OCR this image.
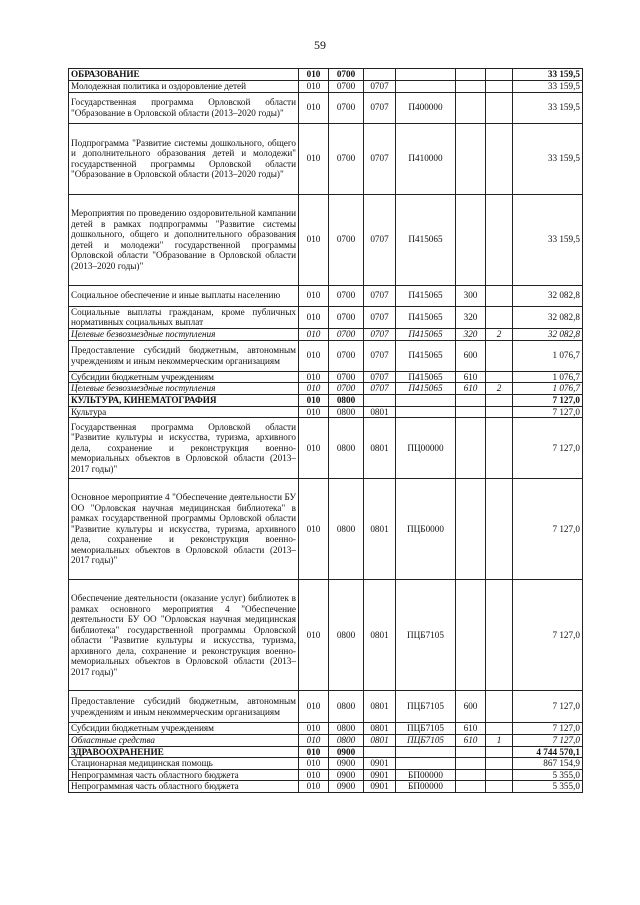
59
ОБРАЗОВАНИЕ	010	0700					33 159,5
Молодежная политика и оздоровление детей	010	0700	0707				33 159,5
Государственная программа Орловской области "Образование в Орловской области (2013–2020 годы)"	010	0700	0707	П400000			33 159,5
Подпрограмма "Развитие системы дошкольного, общего и дополнительного образования детей и молодежи" государственной программы Орловской области "Образование в Орловской области (2013–2020 годы)"	010	0700	0707	П410000			33 159,5
Мероприятия по проведению оздоровительной кампании детей в рамках подпрограммы "Развитие системы дошкольного, общего и дополнительного образования детей и молодежи" государственной программы Орловской области "Образование в Орловской области (2013–2020 годы)"	010	0700	0707	П415065			33 159,5
Социальное обеспечение и иные выплаты населению	010	0700	0707	П415065	300		32 082,8
Социальные выплаты гражданам, кроме публичных нормативных социальных выплат	010	0700	0707	П415065	320		32 082,8
Целевые безвозмездные поступления	010	0700	0707	П415065	320	2	32 082,8
Предоставление субсидий бюджетным, автономным учреждениям и иным некоммерческим организациям	010	0700	0707	П415065	600		1 076,7
Субсидии бюджетным учреждениям	010	0700	0707	П415065	610		1 076,7
Целевые безвозмездные поступления	010	0700	0707	П415065	610	2	1 076,7
КУЛЬТУРА, КИНЕМАТОГРАФИЯ	010	0800					7 127,0
Культура	010	0800	0801				7 127,0
Государственная программа Орловской области "Развитие культуры и искусства, туризма, архивного дела, сохранение и реконструкция военно-мемориальных объектов в Орловской области (2013–2017 годы)"	010	0800	0801	ПЦ00000			7 127,0
Основное мероприятие 4 "Обеспечение деятельности БУ ОО "Орловская научная медицинская библиотека" в рамках государственной программы Орловской области "Развитие культуры и искусства, туризма, архивного дела, сохранение и реконструкция военно-мемориальных объектов в Орловской области (2013–2017 годы)"	010	0800	0801	ПЦБ0000			7 127,0
Обеспечение деятельности (оказание услуг) библиотек в рамках основного мероприятия 4 "Обеспечение деятельности БУ ОО "Орловская научная медицинская библиотека" государственной программы Орловской области "Развитие культуры и искусства, туризма, архивного дела, сохранение и реконструкция военно-мемориальных объектов в Орловской области (2013–2017 годы)"	010	0800	0801	ПЦБ7105			7 127,0
Предоставление субсидий бюджетным, автономным учреждениям и иным некоммерческим организациям	010	0800	0801	ПЦБ7105	600		7 127,0
Субсидии бюджетным учреждениям	010	0800	0801	ПЦБ7105	610		7 127,0
Областные средства	010	0800	0801	ПЦБ7105	610	1	7 127,0
ЗДРАВООХРАНЕНИЕ	010	0900					4 744 570,1
Стационарная медицинская помощь	010	0900	0901				867 154,9
Непрограммная часть областного бюджета	010	0900	0901	БП00000			5 355,0
Непрограммная часть областного бюджета	010	0900	0901	БП00000			5 355,0
